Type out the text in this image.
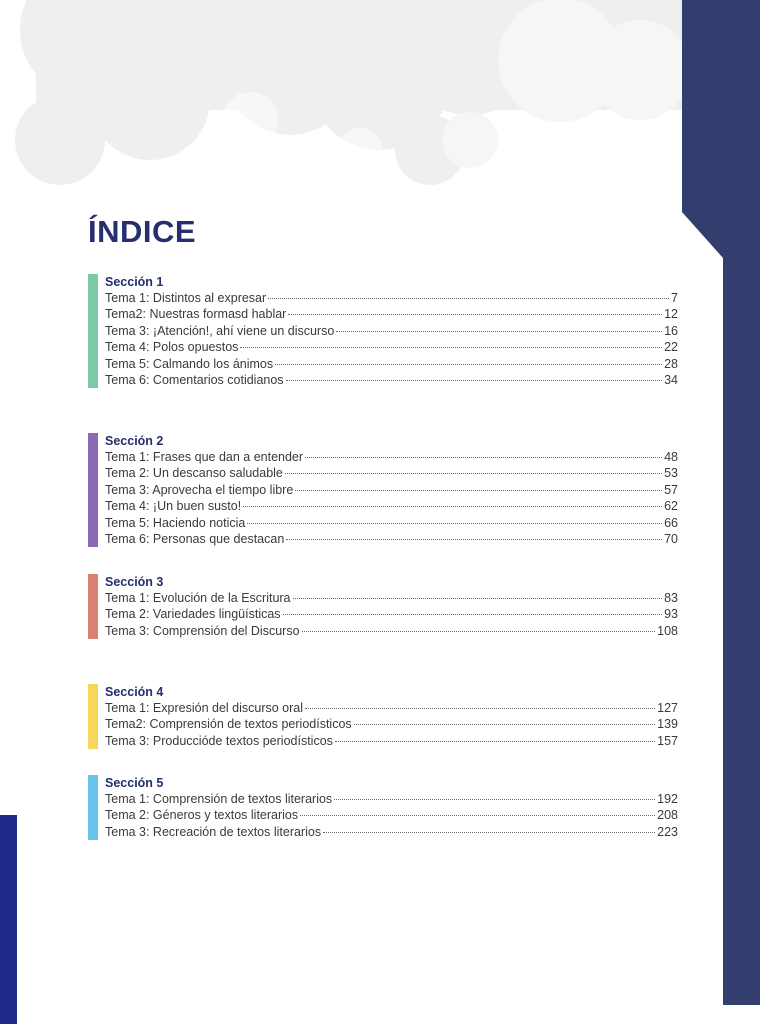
ÍNDICE
Sección 1
Tema 1: Distintos al expresar	7
Tema2: Nuestras formasd hablar	12
Tema 3: ¡Atención!, ahí viene un discurso	16
Tema 4: Polos opuestos	22
Tema 5: Calmando los ánimos	28
Tema 6: Comentarios cotidianos	34
Sección 2
Tema 1: Frases que dan a entender	48
Tema 2: Un descanso saludable	53
Tema 3: Aprovecha el tiempo libre	57
Tema 4: ¡Un buen susto!	62
Tema 5: Haciendo noticia	66
Tema 6: Personas que destacan	70
Sección 3
Tema 1: Evolución de la Escritura	83
Tema 2: Variedades lingüísticas	93
Tema 3: Comprensión del Discurso	108
Sección 4
Tema 1: Expresión del discurso oral	127
Tema2: Comprensión de textos periodísticos	139
Tema 3: Produccióde textos periodísticos	157
Sección 5
Tema 1: Comprensión de textos literarios	192
Tema 2: Géneros y textos literarios	208
Tema 3: Recreación de textos literarios	223
